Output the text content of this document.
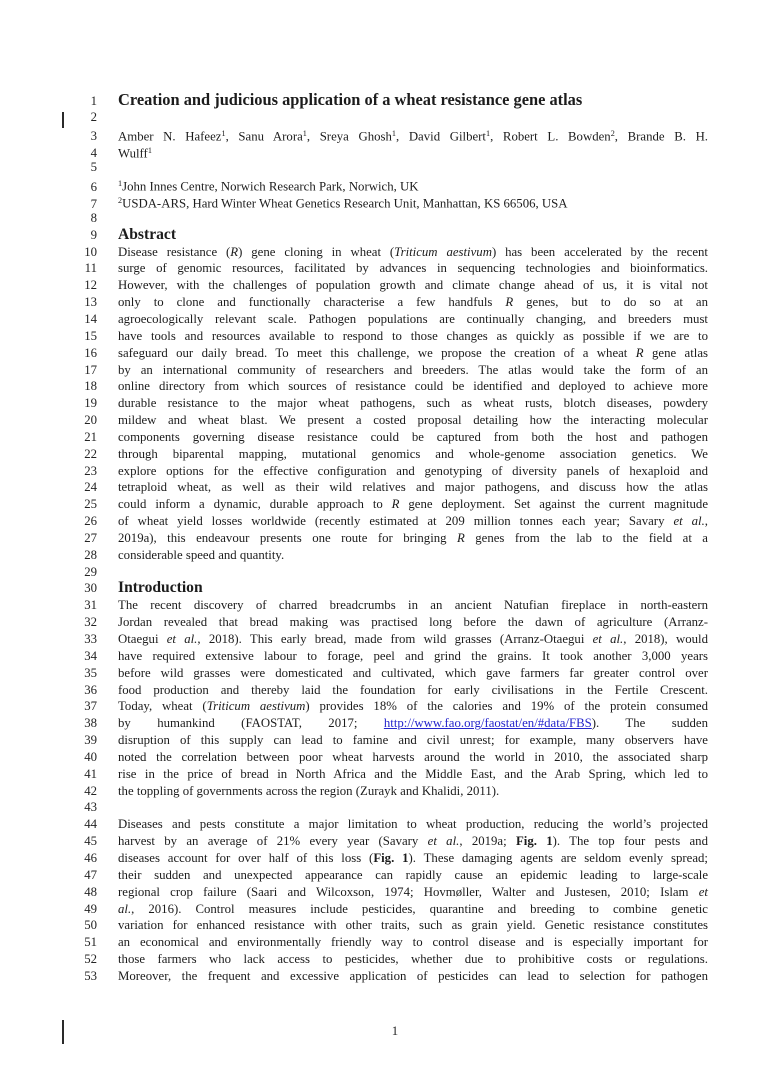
1 Creation and judicious application of a wheat resistance gene atlas
2
3 Amber N. Hafeez$^1$, Sanu Arora$^1$, Sreya Ghosh$^1$, David Gilbert$^1$, Robert L. Bowden$^2$, Brande B. H.
4 Wulff$^1$
5
6	$^1$John Innes Centre, Norwich Research Park, Norwich, UK
7	$^2$USDA-ARS, Hard Winter Wheat Genetics Research Unit, Manhattan, KS 66506, USA
8
9 Abstract
10 Disease resistance (R) gene cloning in wheat (Triticum aestivum) has been accelerated by the recent
11 surge of genomic resources, facilitated by advances in sequencing technologies and bioinformatics.
12 However, with the challenges of population growth and climate change ahead of us, it is vital not
13 only to clone and functionally characterise a few handfuls R genes, but to do so at an
14 agroecologically relevant scale. Pathogen populations are continually changing, and breeders must
15 have tools and resources available to respond to those changes as quickly as possible if we are to
16 safeguard our daily bread. To meet this challenge, we propose the creation of a wheat R gene atlas
17 by an international community of researchers and breeders. The atlas would take the form of an
18 online directory from which sources of resistance could be identified and deployed to achieve more
19 durable resistance to the major wheat pathogens, such as wheat rusts, blotch diseases, powdery
20 mildew and wheat blast. We present a costed proposal detailing how the interacting molecular
21 components governing disease resistance could be captured from both the host and pathogen
22 through biparental mapping, mutational genomics and whole-genome association genetics. We
23 explore options for the effective configuration and genotyping of diversity panels of hexaploid and
24 tetraploid wheat, as well as their wild relatives and major pathogens, and discuss how the atlas
25 could inform a dynamic, durable approach to R gene deployment. Set against the current magnitude
26 of wheat yield losses worldwide (recently estimated at 209 million tonnes each year; Savary et al.,
27 2019a), this endeavour presents one route for bringing R genes from the lab to the field at a
28 considerable speed and quantity.
29
30 Introduction
31 The recent discovery of charred breadcrumbs in an ancient Natufian fireplace in north-eastern
32 Jordan revealed that bread making was practised long before the dawn of agriculture (Arranz-
33 Otaegui et al., 2018). This early bread, made from wild grasses (Arranz-Otaegui et al., 2018), would
34 have required extensive labour to forage, peel and grind the grains. It took another 3,000 years
35 before wild grasses were domesticated and cultivated, which gave farmers far greater control over
36 food production and thereby laid the foundation for early civilisations in the Fertile Crescent.
37 Today, wheat (Triticum aestivum) provides 18% of the calories and 19% of the protein consumed
38 by humankind (FAOSTAT, 2017; http://www.fao.org/faostat/en/#data/FBS). The sudden
39 disruption of this supply can lead to famine and civil unrest; for example, many observers have
40 noted the correlation between poor wheat harvests around the world in 2010, the associated sharp
41 rise in the price of bread in North Africa and the Middle East, and the Arab Spring, which led to
42 the toppling of governments across the region (Zurayk and Khalidi, 2011).
43
44 Diseases and pests constitute a major limitation to wheat production, reducing the world’s projected
45 harvest by an average of 21% every year (Savary et al., 2019a; Fig. 1). The top four pests and
46 diseases account for over half of this loss (Fig. 1). These damaging agents are seldom evenly spread;
47 their sudden and unexpected appearance can rapidly cause an epidemic leading to large-scale
48 regional crop failure (Saari and Wilcoxson, 1974; Hovmøller, Walter and Justesen, 2010; Islam et
49 al., 2016). Control measures include pesticides, quarantine and breeding to combine genetic
50 variation for enhanced resistance with other traits, such as grain yield. Genetic resistance constitutes
51 an economical and environmentally friendly way to control disease and is especially important for
52 those farmers who lack access to pesticides, whether due to prohibitive costs or regulations.
53 Moreover, the frequent and excessive application of pesticides can lead to selection for pathogen
1
